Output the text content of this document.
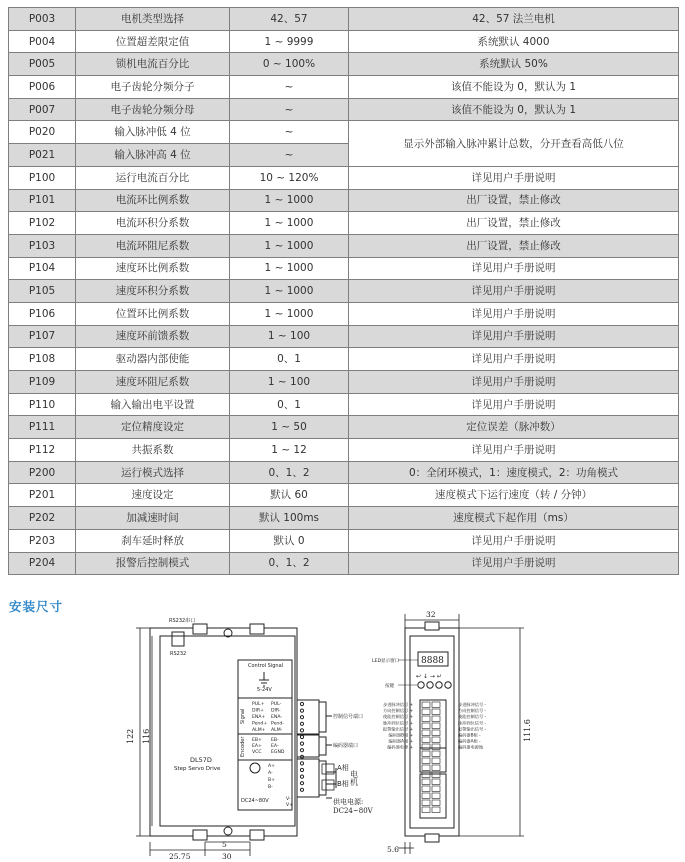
P003	电机类型选择	42、57	42、57 法兰电机
P004	位置超差限定值	1 ~ 9999	系统默认 4000
P005	锁机电流百分比	0 ~ 100%	系统默认 50%
P006	电子齿轮分频分子	~	该值不能设为 0，默认为 1
P007	电子齿轮分频分母	~	该值不能设为 0，默认为 1
P020	输入脉冲低 4 位	~	显示外部输入脉冲累计总数，分开查看高低八位
P021	输入脉冲高 4 位	~	
P100	运行电流百分比	10 ~ 120%	详见用户手册说明
P101	电流环比例系数	1 ~ 1000	出厂设置，禁止修改
P102	电流环积分系数	1 ~ 1000	出厂设置，禁止修改
P103	电流环阻尼系数	1 ~ 1000	出厂设置，禁止修改
P104	速度环比例系数	1 ~ 1000	详见用户手册说明
P105	速度环积分系数	1 ~ 1000	详见用户手册说明
P106	位置环比例系数	1 ~ 1000	详见用户手册说明
P107	速度环前馈系数	1 ~ 100	详见用户手册说明
P108	驱动器内部使能	0、1	详见用户手册说明
P109	速度环阻尼系数	1 ~ 100	详见用户手册说明
P110	输入输出电平设置	0、1	详见用户手册说明
P111	定位精度设定	1 ~ 50	定位误差（脉冲数）
P112	共振系数	1 ~ 12	详见用户手册说明
P200	运行模式选择	0、1、2	0：全闭环模式，1：速度模式，2：功角模式
P201	速度设定	默认 60	速度模式下运行速度（转 / 分钟）
P202	加减速时间	默认 100ms	速度模式下起作用（ms）
P203	刹车延时释放	默认 0	详见用户手册说明
P204	报警后控制模式	0、1、2	详见用户手册说明
安装尺寸
RS232串口
RS232
Control Signal
5-24V
Signal
Encoder
PUL+
DIR+
ENA+
Pend+
ALM+
PUL-
DIR-
ENA-
Pend-
ALM-
EB+
EA+
VCC
EB-
EA-
EGND
A+
A-
B+
B-
V-
V+
DL57D
Step Servo Drive
DC24~80V
控制信号端口
编码器端口
A相
B相 电机
供电电源:
DC24~80V
122 116
25.75	30
5
步进脉冲信号 +
方向控制信号 +
使能控制信号 +
脉冲到位信号 +
报警输出信号 +
编码器B相 +
编码器A相 +
编码器电源 +
步进脉冲信号 -
方向控制信号 -
使能控制信号 -
脉冲到位信号 -
报警输出信号 -
编码器B相 -
编码器A相 -
编码器电源地
8888
↩ ↓ → ↵
LED显示窗口
按键
32
111.6
5.6
